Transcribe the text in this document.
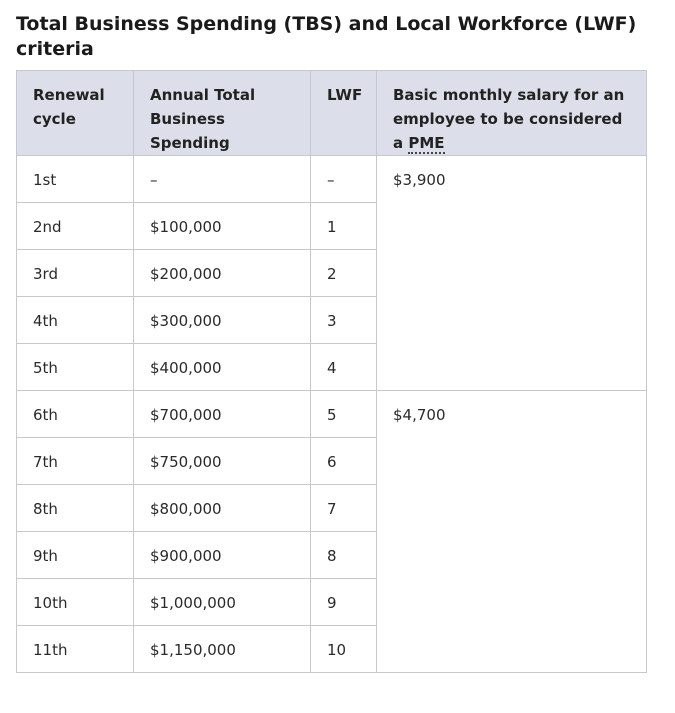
Total Business Spending (TBS) and Local Workforce (LWF) criteria
Renewal cycle	Annual Total Business Spending	LWF	Basic monthly salary for an employee to be considered a PME
1st	–	–	$3,900
2nd	$100,000	1	
3rd	$200,000	2	
4th	$300,000	3	
5th	$400,000	4	
6th	$700,000	5	$4,700
7th	$750,000	6	
8th	$800,000	7	
9th	$900,000	8	
10th	$1,000,000	9	
11th	$1,150,000	10	
